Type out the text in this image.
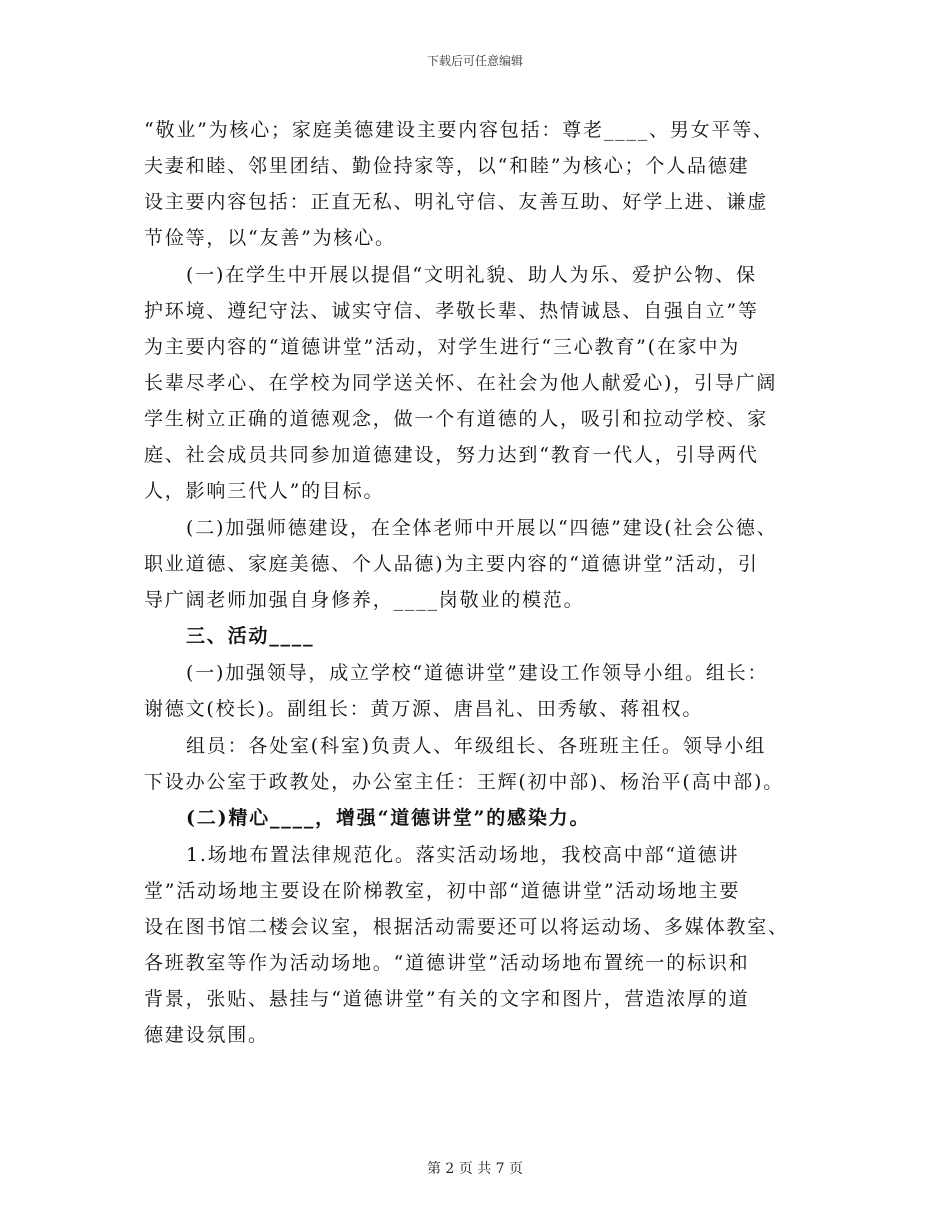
下载后可任意编辑
“敬业”为核心；家庭美德建设主要内容包括：尊老____、男女平等、
夫妻和睦、邻里团结、勤俭持家等，以“和睦”为核心；个人品德建
设主要内容包括：正直无私、明礼守信、友善互助、好学上进、谦虚
节俭等，以“友善”为核心。
(一)在学生中开展以提倡“文明礼貌、助人为乐、爱护公物、保
护环境、遵纪守法、诚实守信、孝敬长辈、热情诚恳、自强自立”等
为主要内容的“道德讲堂”活动，对学生进行“三心教育”(在家中为
长辈尽孝心、在学校为同学送关怀、在社会为他人献爱心)，引导广阔
学生树立正确的道德观念，做一个有道德的人，吸引和拉动学校、家
庭、社会成员共同参加道德建设，努力达到“教育一代人，引导两代
人，影响三代人”的目标。
(二)加强师德建设，在全体老师中开展以“四德”建设(社会公德、
职业道德、家庭美德、个人品德)为主要内容的“道德讲堂”活动，引
导广阔老师加强自身修养，____岗敬业的模范。
三、活动____
(一)加强领导，成立学校“道德讲堂”建设工作领导小组。组长：
谢德文(校长)。副组长：黄万源、唐昌礼、田秀敏、蒋祖权。
组员：各处室(科室)负责人、年级组长、各班班主任。领导小组
下设办公室于政教处，办公室主任：王辉(初中部)、杨治平(高中部)。
(二)精心____，增强“道德讲堂”的感染力。
1.场地布置法律规范化。落实活动场地，我校高中部“道德讲
堂”活动场地主要设在阶梯教室，初中部“道德讲堂”活动场地主要
设在图书馆二楼会议室，根据活动需要还可以将运动场、多媒体教室、
各班教室等作为活动场地。“道德讲堂”活动场地布置统一的标识和
背景，张贴、悬挂与“道德讲堂”有关的文字和图片，营造浓厚的道
德建设氛围。
第 2 页 共 7 页
